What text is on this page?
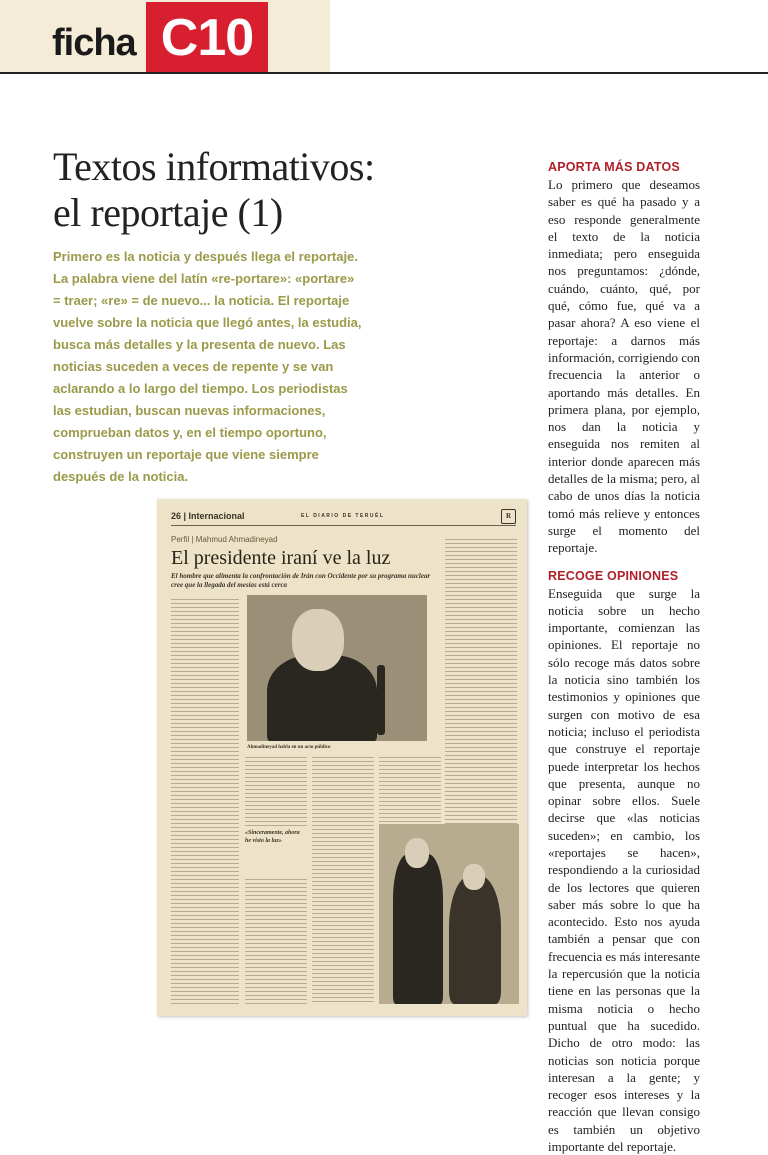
ficha C10
Textos informativos:
el reportaje (1)

Primero es la noticia y después llega el reportaje. La palabra viene del latín «re-portare»: «portare» = traer; «re» = de nuevo... la noticia. El reportaje vuelve sobre la noticia que llegó antes, la estudia, busca más detalles y la presenta de nuevo. Las noticias suceden a veces de repente y se van aclarando a lo largo del tiempo. Los periodistas las estudian, buscan nuevas informaciones, comprueban datos y, en el tiempo oportuno, construyen un reportaje que viene siempre después de la noticia.

APORTA MÁS DATOS

Lo primero que deseamos saber es qué ha pasado y a eso responde generalmente el texto de la noticia inmediata; pero enseguida nos preguntamos: ¿dónde, cuándo, cuánto, qué, por qué, cómo fue, qué va a pasar ahora? A eso viene el reportaje: a darnos más información, corrigiendo con frecuencia la anterior o aportando más detalles. En primera plana, por ejemplo, nos dan la noticia y enseguida nos remiten al interior donde aparecen más detalles de la misma; pero, al cabo de unos días la noticia tomó más relieve y entonces surge el momento del reportaje.

RECOGE OPINIONES

Enseguida que surge la noticia sobre un hecho importante, comienzan las opiniones. El reportaje no sólo recoge más datos sobre la noticia sino también los testimonios y opiniones que surgen con motivo de esa noticia; incluso el periodista que construye el reportaje puede interpretar los hechos que presenta, aunque no opinar sobre ellos. Suele decirse que «las noticias suceden»; en cambio, los «reportajes se hacen», respondiendo a la curiosidad de los lectores que quieren saber más sobre lo que ha acontecido. Esto nos ayuda también a pensar que con frecuencia es más interesante la repercusión que la noticia tiene en las personas que la misma noticia o hecho puntual que ha sucedido. Dicho de otro modo: las noticias son noticia porque interesan a la gente; y recoger esos intereses y la reacción que llevan consigo es también un objetivo importante del reportaje.

26 | Internacional	EL DIARIO DE TERUÉL	R
Perfil | Mahmud Ahmadineyad
El presidente iraní ve la luz
El hombre que alimenta la confrontación de Irán con Occidente por su programa nuclear cree que la llegada del mesías está cerca
Ahmadineyad habla en un acto público
«Sinceramente, ahora he visto la luz»
